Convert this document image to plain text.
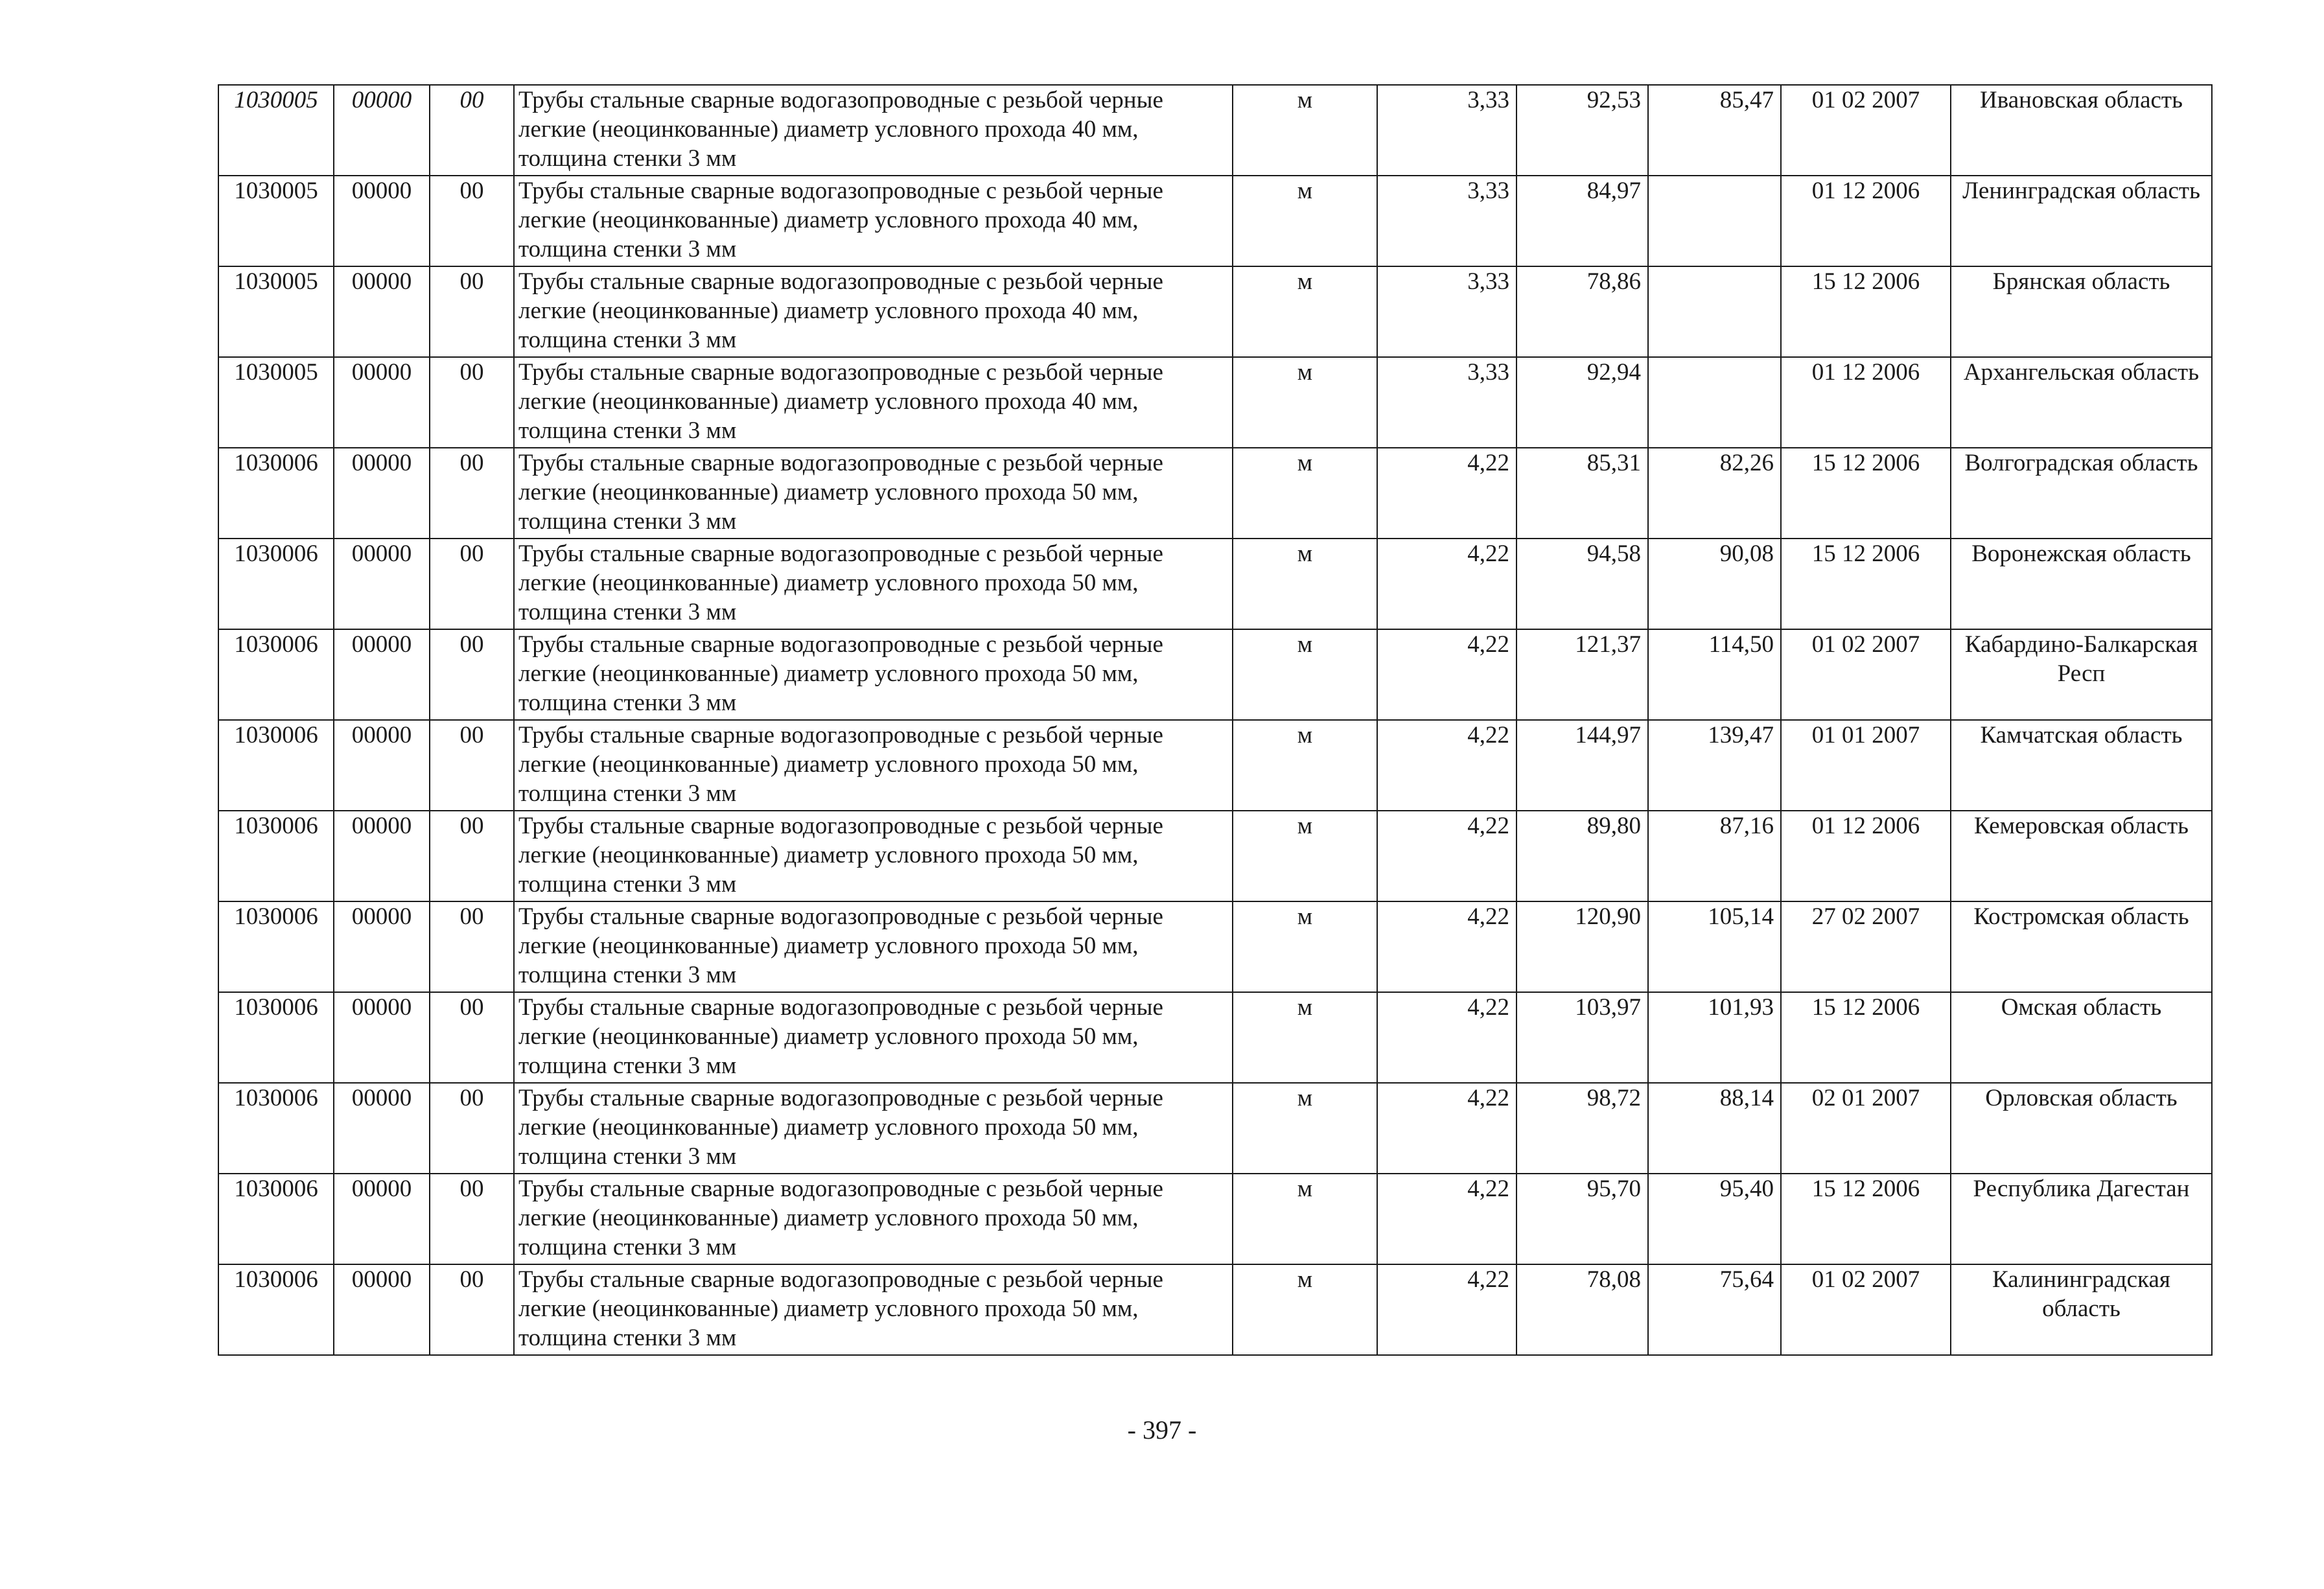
1030005	00000	00	Трубы стальные сварные водогазопроводные с резьбой черные легкие (неоцинкованные) диаметр условного прохода 40 мм, толщина стенки 3 мм	м	3,33	92,53	85,47	01 02 2007	Ивановская область
1030005	00000	00	Трубы стальные сварные водогазопроводные с резьбой черные легкие (неоцинкованные) диаметр условного прохода 40 мм, толщина стенки 3 мм	м	3,33	84,97		01 12 2006	Ленинградская область
1030005	00000	00	Трубы стальные сварные водогазопроводные с резьбой черные легкие (неоцинкованные) диаметр условного прохода 40 мм, толщина стенки 3 мм	м	3,33	78,86		15 12 2006	Брянская область
1030005	00000	00	Трубы стальные сварные водогазопроводные с резьбой черные легкие (неоцинкованные) диаметр условного прохода 40 мм, толщина стенки 3 мм	м	3,33	92,94		01 12 2006	Архангельская область
1030006	00000	00	Трубы стальные сварные водогазопроводные с резьбой черные легкие (неоцинкованные) диаметр условного прохода 50 мм, толщина стенки 3 мм	м	4,22	85,31	82,26	15 12 2006	Волгоградская область
1030006	00000	00	Трубы стальные сварные водогазопроводные с резьбой черные легкие (неоцинкованные) диаметр условного прохода 50 мм, толщина стенки 3 мм	м	4,22	94,58	90,08	15 12 2006	Воронежская область
1030006	00000	00	Трубы стальные сварные водогазопроводные с резьбой черные легкие (неоцинкованные) диаметр условного прохода 50 мм, толщина стенки 3 мм	м	4,22	121,37	114,50	01 02 2007	Кабардино-Балкарская Респ
1030006	00000	00	Трубы стальные сварные водогазопроводные с резьбой черные легкие (неоцинкованные) диаметр условного прохода 50 мм, толщина стенки 3 мм	м	4,22	144,97	139,47	01 01 2007	Камчатская область
1030006	00000	00	Трубы стальные сварные водогазопроводные с резьбой черные легкие (неоцинкованные) диаметр условного прохода 50 мм, толщина стенки 3 мм	м	4,22	89,80	87,16	01 12 2006	Кемеровская область
1030006	00000	00	Трубы стальные сварные водогазопроводные с резьбой черные легкие (неоцинкованные) диаметр условного прохода 50 мм, толщина стенки 3 мм	м	4,22	120,90	105,14	27 02 2007	Костромская область
1030006	00000	00	Трубы стальные сварные водогазопроводные с резьбой черные легкие (неоцинкованные) диаметр условного прохода 50 мм, толщина стенки 3 мм	м	4,22	103,97	101,93	15 12 2006	Омская область
1030006	00000	00	Трубы стальные сварные водогазопроводные с резьбой черные легкие (неоцинкованные) диаметр условного прохода 50 мм, толщина стенки 3 мм	м	4,22	98,72	88,14	02 01 2007	Орловская область
1030006	00000	00	Трубы стальные сварные водогазопроводные с резьбой черные легкие (неоцинкованные) диаметр условного прохода 50 мм, толщина стенки 3 мм	м	4,22	95,70	95,40	15 12 2006	Республика Дагестан
1030006	00000	00	Трубы стальные сварные водогазопроводные с резьбой черные легкие (неоцинкованные) диаметр условного прохода 50 мм, толщина стенки 3 мм	м	4,22	78,08	75,64	01 02 2007	Калининградская область
- 397 -
